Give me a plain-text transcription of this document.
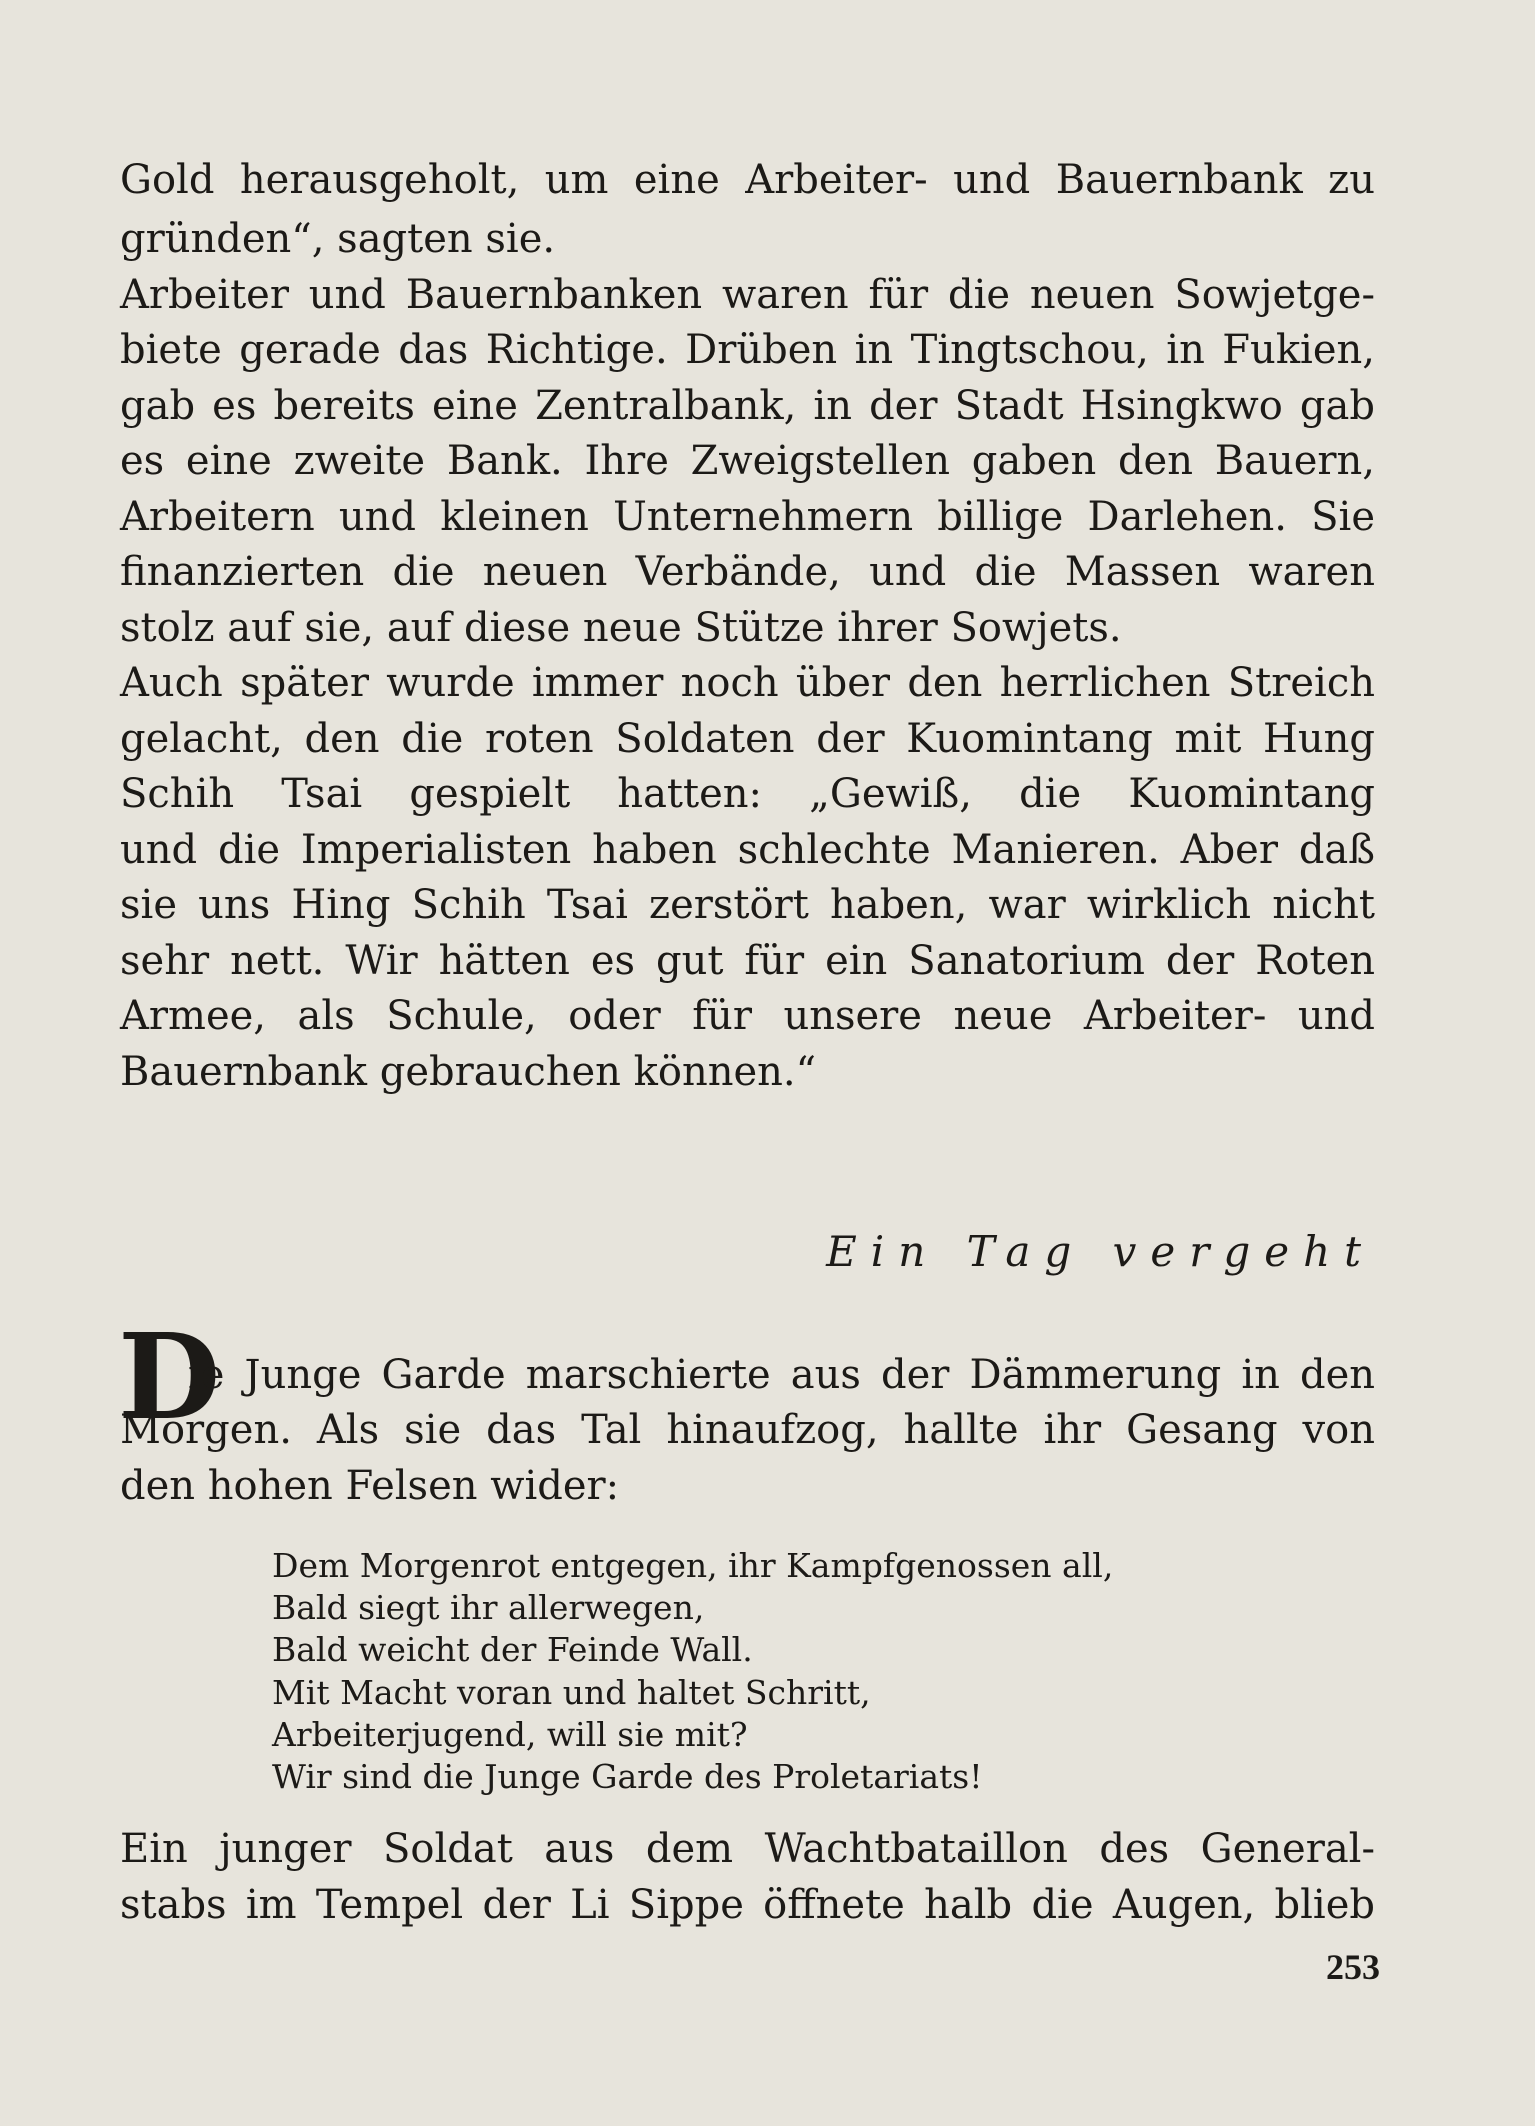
Gold herausgeholt, um eine Arbeiter- und Bauernbank zu
gründen“, sagten sie.
Arbeiter und Bauernbanken waren für die neuen Sowjetge-
biete gerade das Richtige. Drüben in Tingtschou, in Fukien,
gab es bereits eine Zentralbank, in der Stadt Hsingkwo gab
es eine zweite Bank. Ihre Zweigstellen gaben den Bauern,
Arbeitern und kleinen Unternehmern billige Darlehen. Sie
finanzierten die neuen Verbände, und die Massen waren
stolz auf sie, auf diese neue Stütze ihrer Sowjets.
Auch später wurde immer noch über den herrlichen Streich
gelacht, den die roten Soldaten der Kuomintang mit Hung
Schih Tsai gespielt hatten: „Gewiß, die Kuomintang
und die Imperialisten haben schlechte Manieren. Aber daß
sie uns Hing Schih Tsai zerstört haben, war wirklich nicht
sehr nett. Wir hätten es gut für ein Sanatorium der Roten
Armee, als Schule, oder für unsere neue Arbeiter- und
Bauernbank gebrauchen können.“
Ein Tag vergeht
D
ie Junge Garde marschierte aus der Dämmerung in den
Morgen. Als sie das Tal hinaufzog, hallte ihr Gesang von
den hohen Felsen wider:
Dem Morgenrot entgegen, ihr Kampfgenossen all,
Bald siegt ihr allerwegen,
Bald weicht der Feinde Wall.
Mit Macht voran und haltet Schritt,
Arbeiterjugend, will sie mit?
Wir sind die Junge Garde des Proletariats!
Ein junger Soldat aus dem Wachtbataillon des General-
stabs im Tempel der Li Sippe öffnete halb die Augen, blieb
253
